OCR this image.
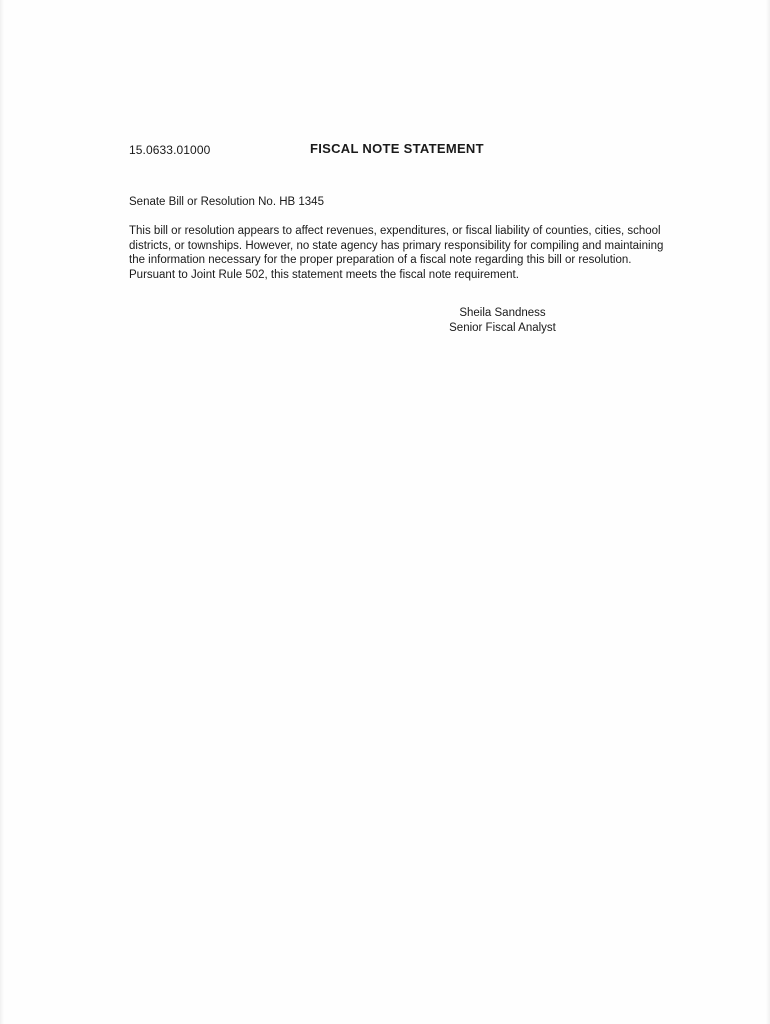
15.0633.01000	FISCAL NOTE STATEMENT
Senate Bill or Resolution No. HB 1345
This bill or resolution appears to affect revenues, expenditures, or fiscal liability of counties, cities, school
districts, or townships. However, no state agency has primary responsibility for compiling and maintaining
the information necessary for the proper preparation of a fiscal note regarding this bill or resolution.
Pursuant to Joint Rule 502, this statement meets the fiscal note requirement.
Sheila Sandness
Senior Fiscal Analyst
